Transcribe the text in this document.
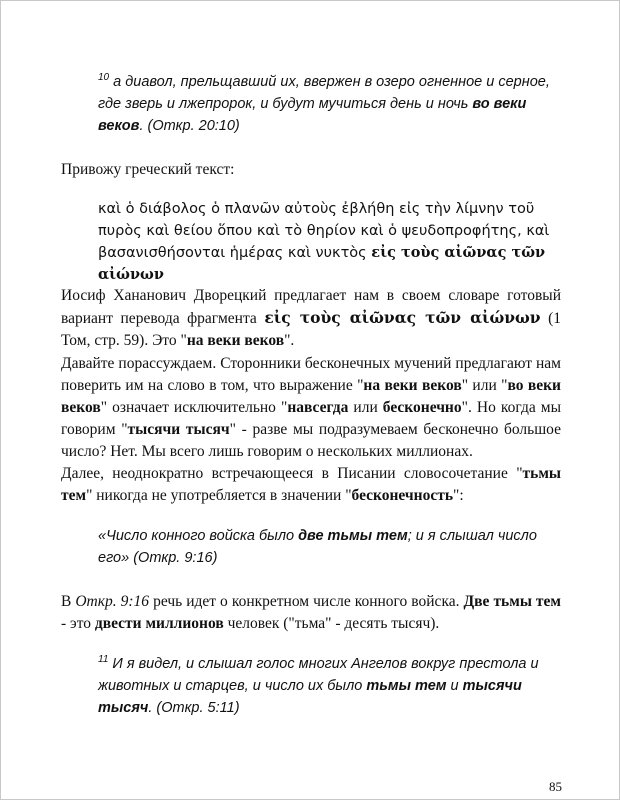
$^{10}$ а диавол, прельщавший их, ввержен в озеро огненное и серное, где зверь и лжепророк, и будут мучиться день и ночь во веки веков. (Откр. 20:10)
Привожу греческий текст:
καὶ ὁ διάβολος ὁ πλανῶν αὐτοὺς ἐβλήθη εἰς τὴν λίμνην τοῦ πυρὸς καὶ θείου ὅπου καὶ τὸ θηρίον καὶ ὁ ψευδοπροφήτης, καὶ βασανισθήσονται ἡμέρας καὶ νυκτὸς εἰς τοὺς αἰῶνας τῶν αἰώνων
Иосиф Хананович Дворецкий предлагает нам в своем словаре готовый вариант перевода фрагмента εἰς τοὺς αἰῶνας τῶν αἰώνων (1 Том, стр. 59). Это "на веки веков".
Давайте порассуждаем. Сторонники бесконечных мучений предлагают нам поверить им на слово в том, что выражение "на веки веков" или "во веки веков" означает исключительно "навсегда или бесконечно". Но когда мы говорим "тысячи тысяч" - разве мы подразумеваем бесконечно большое число? Нет. Мы всего лишь говорим о нескольких миллионах.
Далее, неоднократно встречающееся в Писании словосочетание "тьмы тем" никогда не употребляется в значении "бесконечность":
«Число конного войска было две тьмы тем; и я слышал число его» (Откр. 9:16)
В Откр. 9:16 речь идет о конкретном числе конного войска. Две тьмы тем - это двести миллионов человек ("тьма" - десять тысяч).
$^{11}$ И я видел, и слышал голос многих Ангелов вокруг престола и животных и старцев, и число их было тьмы тем и тысячи тысяч. (Откр. 5:11)
85
